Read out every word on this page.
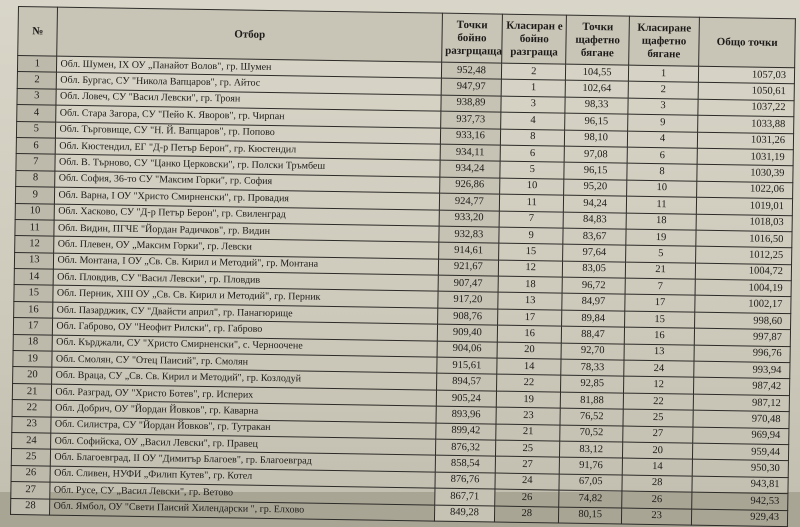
№	Отбор	Точки бойно разгрщаща	Класиран е бойно разграща	Точки щафетно бягане	Класиране щафетно бягане	Общо точки
1	Обл. Шумен, IX ОУ „Панайот Волов", гр. Шумен	952,48	2	104,55	1	1057,03
2	Обл. Бургас, СУ "Никола Вапцаров", гр. Айтос	947,97	1	102,64	2	1050,61
3	Обл. Ловеч, СУ "Васил Левски", гр. Троян	938,89	3	98,33	3	1037,22
4	Обл. Стара Загора, СУ "Пейо К. Яворов", гр. Чирпан	937,73	4	96,15	9	1033,88
5	Обл. Търговище, СУ "Н. Й. Вапцаров", гр. Попово	933,16	8	98,10	4	1031,26
6	Обл. Кюстендил, ЕГ "Д-р Петър Берон", гр. Кюстендил	934,11	6	97,08	6	1031,19
7	Обл. В. Търново, СУ "Цанко Церковски", гр. Полски Тръмбеш	934,24	5	96,15	8	1030,39
8	Обл. София, 36-то СУ "Максим Горки", гр. София	926,86	10	95,20	10	1022,06
9	Обл. Варна, I ОУ "Христо Смирненски", гр. Провадия	924,77	11	94,24	11	1019,01
10	Обл. Хасково, СУ "Д-р Петър Берон", гр. Свиленград	933,20	7	84,83	18	1018,03
11	Обл. Видин, ПГЧЕ "Йордан Радичков", гр. Видин	932,83	9	83,67	19	1016,50
12	Обл. Плевен, ОУ „Максим Горки", гр. Левски	914,61	15	97,64	5	1012,25
13	Обл. Монтана, I ОУ „Св. Св. Кирил и Методий", гр. Монтана	921,67	12	83,05	21	1004,72
14	Обл. Пловдив, СУ "Васил Левски", гр. Пловдив	907,47	18	96,72	7	1004,19
15	Обл. Перник, XIII ОУ „Св. Св. Кирил и Методий", гр. Перник	917,20	13	84,97	17	1002,17
16	Обл. Пазарджик, СУ "Двайсти април", гр. Панагюрище	908,76	17	89,84	15	998,60
17	Обл. Габрово, ОУ "Неофит Рилски", гр. Габрово	909,40	16	88,47	16	997,87
18	Обл. Кърджали, СУ "Христо Смирненски", с. Черноочене	904,06	20	92,70	13	996,76
19	Обл. Смолян, СУ "Отец Паисий", гр. Смолян	915,61	14	78,33	24	993,94
20	Обл. Враца, СУ „Св. Св. Кирил и Методий", гр. Козлодуй	894,57	22	92,85	12	987,42
21	Обл. Разград, ОУ "Христо Ботев", гр. Исперих	905,24	19	81,88	22	987,12
22	Обл. Добрич, ОУ "Йордан Йовков", гр. Каварна	893,96	23	76,52	25	970,48
23	Обл. Силистра, СУ "Йордан Йовков", гр. Тутракан	899,42	21	70,52	27	969,94
24	Обл. Софийска, ОУ „Васил Левски", гр. Правец	876,32	25	83,12	20	959,44
25	Обл. Благоевград, II ОУ "Димитър Благоев", гр. Благоевград	858,54	27	91,76	14	950,30
26	Обл. Сливен, НУФИ „Филип Кутев", гр. Котел	876,76	24	67,05	28	943,81
27	Обл. Русе, СУ „Васил Левски", гр. Ветово	867,71	26	74,82	26	942,53
28	Обл. Ямбол, ОУ "Свети Паисий Хилендарски ", гр. Елхово	849,28	28	80,15	23	929,43
